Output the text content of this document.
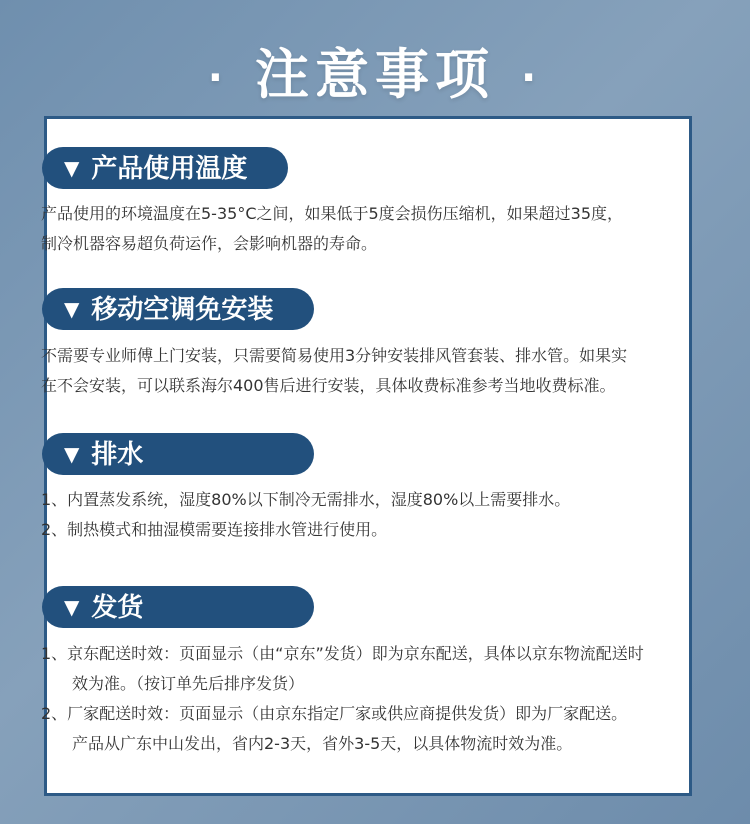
· 注意事项 ·
▼ 产品使用温度

产品使用的环境温度在5-35°C之间，如果低于5度会损伤压缩机，如果超过35度，

制冷机器容易超负荷运作，会影响机器的寿命。

▼ 移动空调免安装

不需要专业师傅上门安装，只需要简易使用3分钟安装排风管套装、排水管。如果实

在不会安装，可以联系海尔400售后进行安装，具体收费标准参考当地收费标准。

▼ 排水

1、内置蒸发系统，湿度80%以下制冷无需排水，湿度80%以上需要排水。

2、制热模式和抽湿模需要连接排水管进行使用。

▼ 发货

1、京东配送时效：页面显示（由“京东”发货）即为京东配送，具体以京东物流配送时

效为准。（按订单先后排序发货）

2、厂家配送时效：页面显示（由京东指定厂家或供应商提供发货）即为厂家配送。

产品从广东中山发出，省内2-3天，省外3-5天，以具体物流时效为准。
